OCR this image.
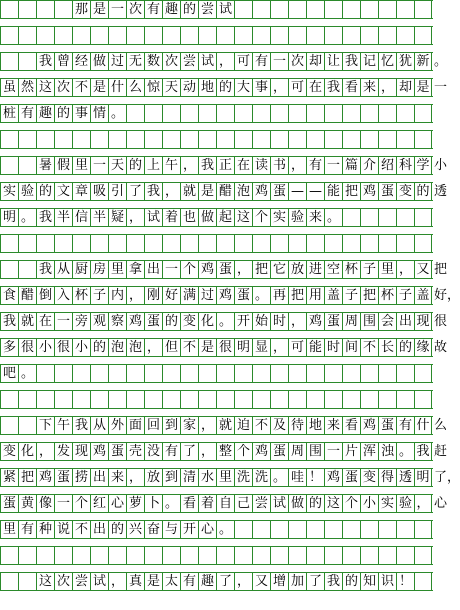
那 是 一 次 有 趣 的 尝 试
我 曾 经 做 过 无 数 次 尝 试 ， 可 有 一 次 却 让 我 记 忆 犹 新 。
虽 然 这 次 不 是 什 么 惊 天 动 地 的 大 事 ， 可 在 我 看 来 ， 却 是 一
桩 有 趣 的 事 情 。
暑 假 里 一 天 的 上 午 ， 我 正 在 读 书 ， 有 一 篇 介 绍 科 学 小
实 验 的 文 章 吸 引 了 我 ， 就 是 醋 泡 鸡 蛋 — — 能 把 鸡 蛋 变 的 透
明 。 我 半 信 半 疑 ， 试 着 也 做 起 这 个 实 验 来 。
我 从 厨 房 里 拿 出 一 个 鸡 蛋 ， 把 它 放 进 空 杯 子 里 ， 又 把
食 醋 倒 入 杯 子 内 ， 刚 好 满 过 鸡 蛋 。 再 把 用 盖 子 把 杯 子 盖 好，
我 就 在 一 旁 观 察 鸡 蛋 的 变 化 。 开 始 时 ， 鸡 蛋 周 围 会 出 现 很
多 很 小 很 小 的 泡 泡 ， 但 不 是 很 明 显 ， 可 能 时 间 不 长 的 缘 故
吧 。
下 午 我 从 外 面 回 到 家 ， 就 迫 不 及 待 地 来 看 鸡 蛋 有 什 么
变 化 ， 发 现 鸡 蛋 壳 没 有 了 ， 整 个 鸡 蛋 周 围 一 片 浑 浊 。 我 赶
紧 把 鸡 蛋 捞 出 来 ， 放 到 清 水 里 洗 洗 。 哇 ！ 鸡 蛋 变 得 透 明 了，
蛋 黄 像 一 个 红 心 萝 卜 。 看 着 自 己 尝 试 做 的 这 个 小 实 验 ， 心
里 有 种 说 不 出 的 兴 奋 与 开 心 。
这 次 尝 试 ， 真 是 太 有 趣 了 ， 又 增 加 了 我 的 知 识 ！
